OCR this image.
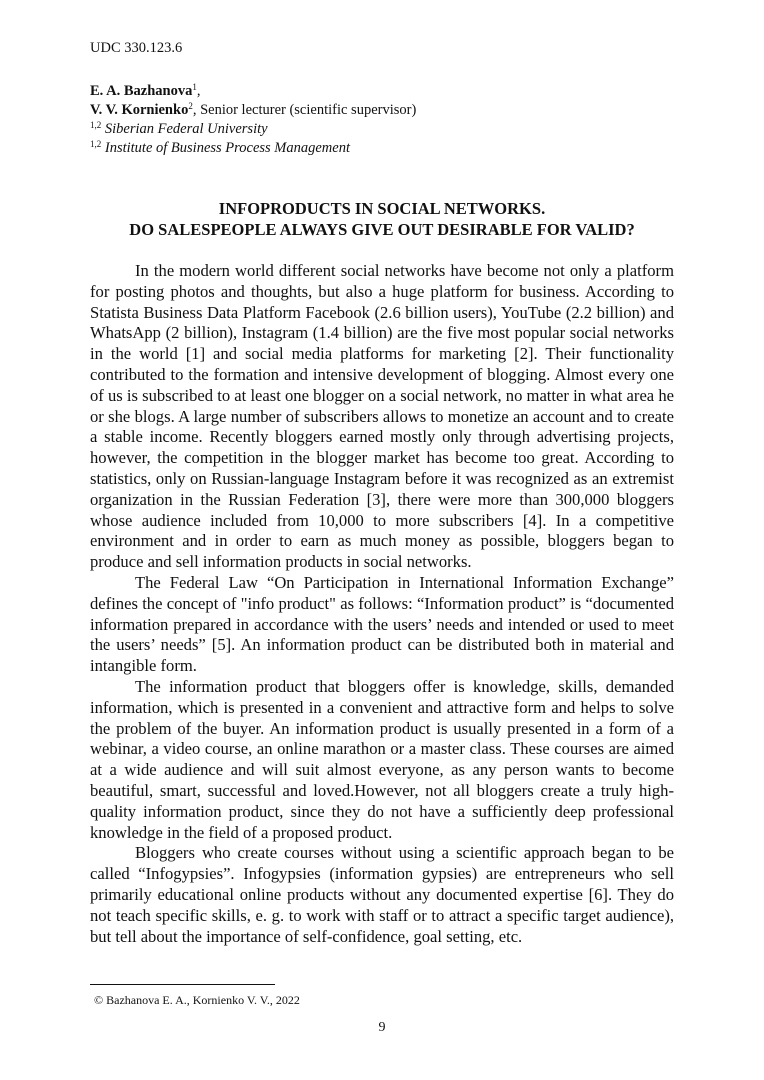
UDC 330.123.6
E. A. Bazhanova$^1$,
V. V. Kornienko$^2$, Senior lecturer (scientific supervisor)
$^{1,2}$ Siberian Federal University
$^{1,2}$ Institute of Business Process Management
INFOPRODUCTS IN SOCIAL NETWORKS.
DO SALESPEOPLE ALWAYS GIVE OUT DESIRABLE FOR VALID?

In the modern world different social networks have become not only a platform for posting photos and thoughts, but also a huge platform for business. According to Statista Business Data Platform Facebook (2.6 billion users), YouTube (2.2 billion) and WhatsApp (2 billion), Instagram (1.4 billion) are the five most popular social networks in the world [1] and social media platforms for marketing [2]. Their functionality contributed to the formation and intensive development of blogging. Almost every one of us is subscribed to at least one blogger on a social network, no matter in what area he or she blogs. A large number of subscribers allows to monetize an account and to create a stable income. Recently bloggers earned mostly only through advertising projects, however, the competition in the blogger market has become too great. According to statistics, only on Russian-language Instagram before it was recognized as an extremist organization in the Russian Federation [3], there were more than 300,000 bloggers whose audience included from 10,000 to more subscribers [4]. In a competitive environment and in order to earn as much money as possible, bloggers began to produce and sell information products in social networks.

The Federal Law “On Participation in International Information Exchange” defines the concept of "info product" as follows: “Information product” is “documented information prepared in accordance with the users’ needs and intended or used to meet the users’ needs” [5]. An information product can be distributed both in material and intangible form.

The information product that bloggers offer is knowledge, skills, demanded information, which is presented in a convenient and attractive form and helps to solve the problem of the buyer. An information product is usually presented in a form of a webinar, a video course, an online marathon or a master class. These courses are aimed at a wide audience and will suit almost everyone, as any person wants to become beautiful, smart, successful and loved.However, not all bloggers create a truly high-quality information product, since they do not have a sufficiently deep professional knowledge in the field of a proposed product.

Bloggers who create courses without using a scientific approach began to be called “Infogypsies”. Infogypsies (information gypsies) are entrepreneurs who sell primarily educational online products without any documented expertise [6]. They do not teach specific skills, e. g. to work with staff or to attract a specific target audience), but tell about the importance of self-confidence, goal setting, etc.

© Bazhanova E. A., Kornienko V. V., 2022
9
